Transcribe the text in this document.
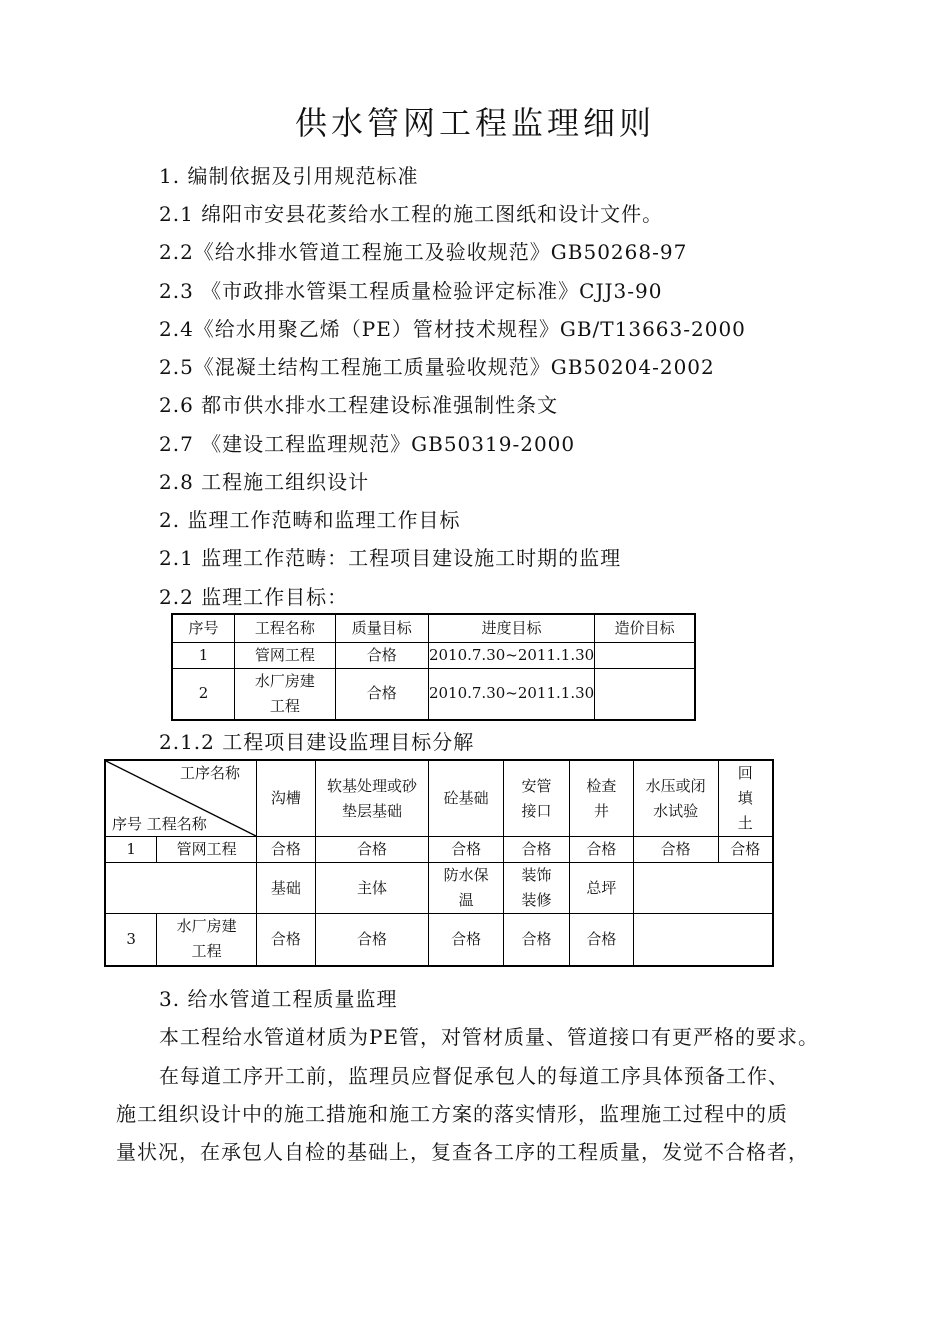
供水管网工程监理细则
1. 编制依据及引用规范标准
2.1 绵阳市安县花荄给水工程的施工图纸和设计文件。
2.2《给水排水管道工程施工及验收规范》GB50268-97
2.3 《市政排水管渠工程质量检验评定标准》CJJ3-90
2.4《给水用聚乙烯（PE）管材技术规程》GB/T13663-2000
2.5《混凝土结构工程施工质量验收规范》GB50204-2002
2.6 都市供水排水工程建设标准强制性条文
2.7 《建设工程监理规范》GB50319-2000
2.8 工程施工组织设计
2. 监理工作范畴和监理工作目标
2.1 监理工作范畴：工程项目建设施工时期的监理
2.2 监理工作目标：
序号	工程名称	质量目标	进度目标	造价目标
1	管网工程	合格	2010.7.30~2011.1.30	
2	水厂房建工程	合格	2010.7.30~2011.1.30	
2.1.2 工程项目建设监理目标分解
工序名称
序号 工程名称		沟槽	软基处理或砂垫层基础	砼基础	安管接口	检查井	水压或闭水试验	回填土
1	管网工程	合格	合格	合格	合格	合格	合格	合格
		基础	主体	防水保温	装饰装修	总坪		
3	水厂房建工程	合格	合格	合格	合格	合格		
3. 给水管道工程质量监理
本工程给水管道材质为PE管，对管材质量、管道接口有更严格的要求。
在每道工序开工前，监理员应督促承包人的每道工序具体预备工作、
施工组织设计中的施工措施和施工方案的落实情形，监理施工过程中的质
量状况，在承包人自检的基础上，复查各工序的工程质量，发觉不合格者，
